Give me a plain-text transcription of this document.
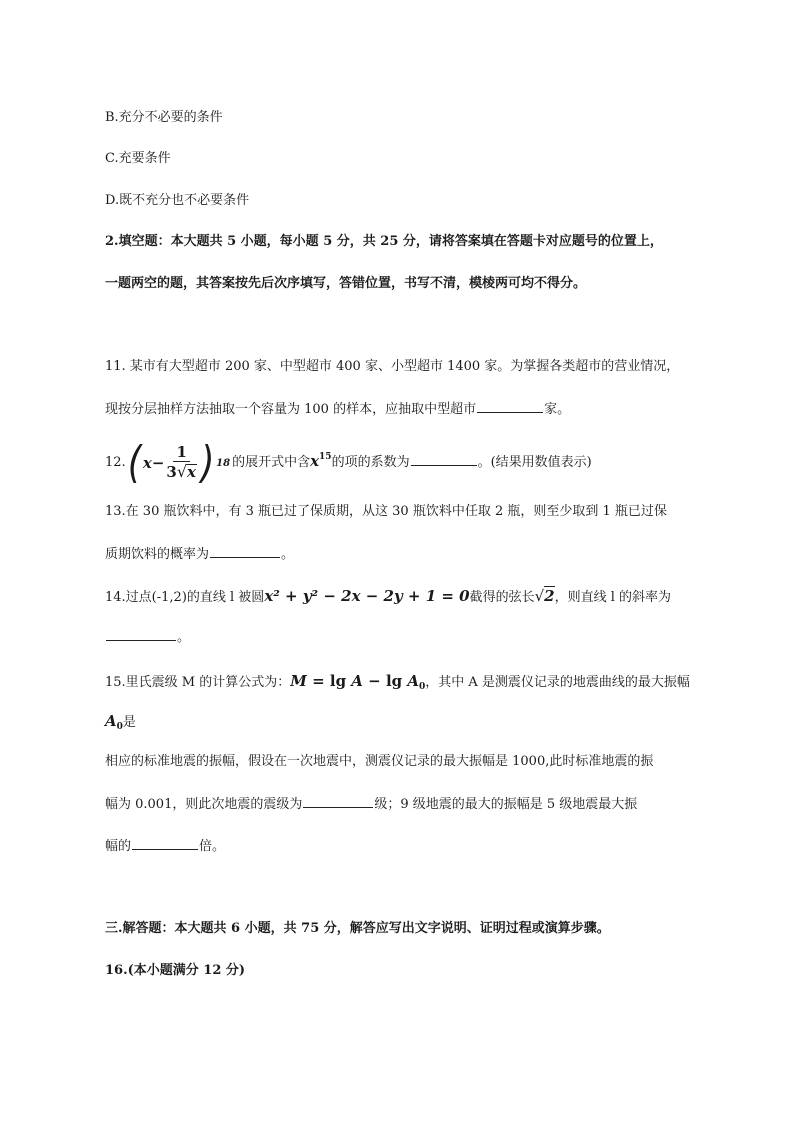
B.充分不必要的条件
C.充要条件
D.既不充分也不必要条件
2.填空题：本大题共 5 小题，每小题 5 分，共 25 分，请将答案填在答题卡对应题号的位置上，
一题两空的题，其答案按先后次序填写，答错位置，书写不清，模棱两可均不得分。
11. 某市有大型超市 200 家、中型超市 400 家、小型超市 1400 家。为掌握各类超市的营业情况，
现按分层抽样方法抽取一个容量为 100 的样本，应抽取中型超市	家。
12. ( $x - \frac{1}{3 √ x}$ ) 18 的展开式中含$x^{15}$的项的系数为	。(结果用数值表示)
13.在 30 瓶饮料中，有 3 瓶已过了保质期，从这 30 瓶饮料中任取 2 瓶，则至少取到 1 瓶已过保
质期饮料的概率为	。
14.过点(-1,2)的直线 l 被圆x² + y² − 2x − 2y + 1 = 0截得的弦长√2，则直线 l 的斜率为
。
15.里氏震级 M 的计算公式为：$M = \lg A - \lg A_0$，其中 A 是测震仪记录的地震曲线的最大振幅
$A_0$是
相应的标准地震的振幅，假设在一次地震中，测震仪记录的最大振幅是 1000,此时标准地震的振
幅为 0.001，则此次地震的震级为	级；9 级地震的最大的振幅是 5 级地震最大振
幅的	倍。
三.解答题：本大题共 6 小题，共 75 分，解答应写出文字说明、证明过程或演算步骤。
16.(本小题满分 12 分)
